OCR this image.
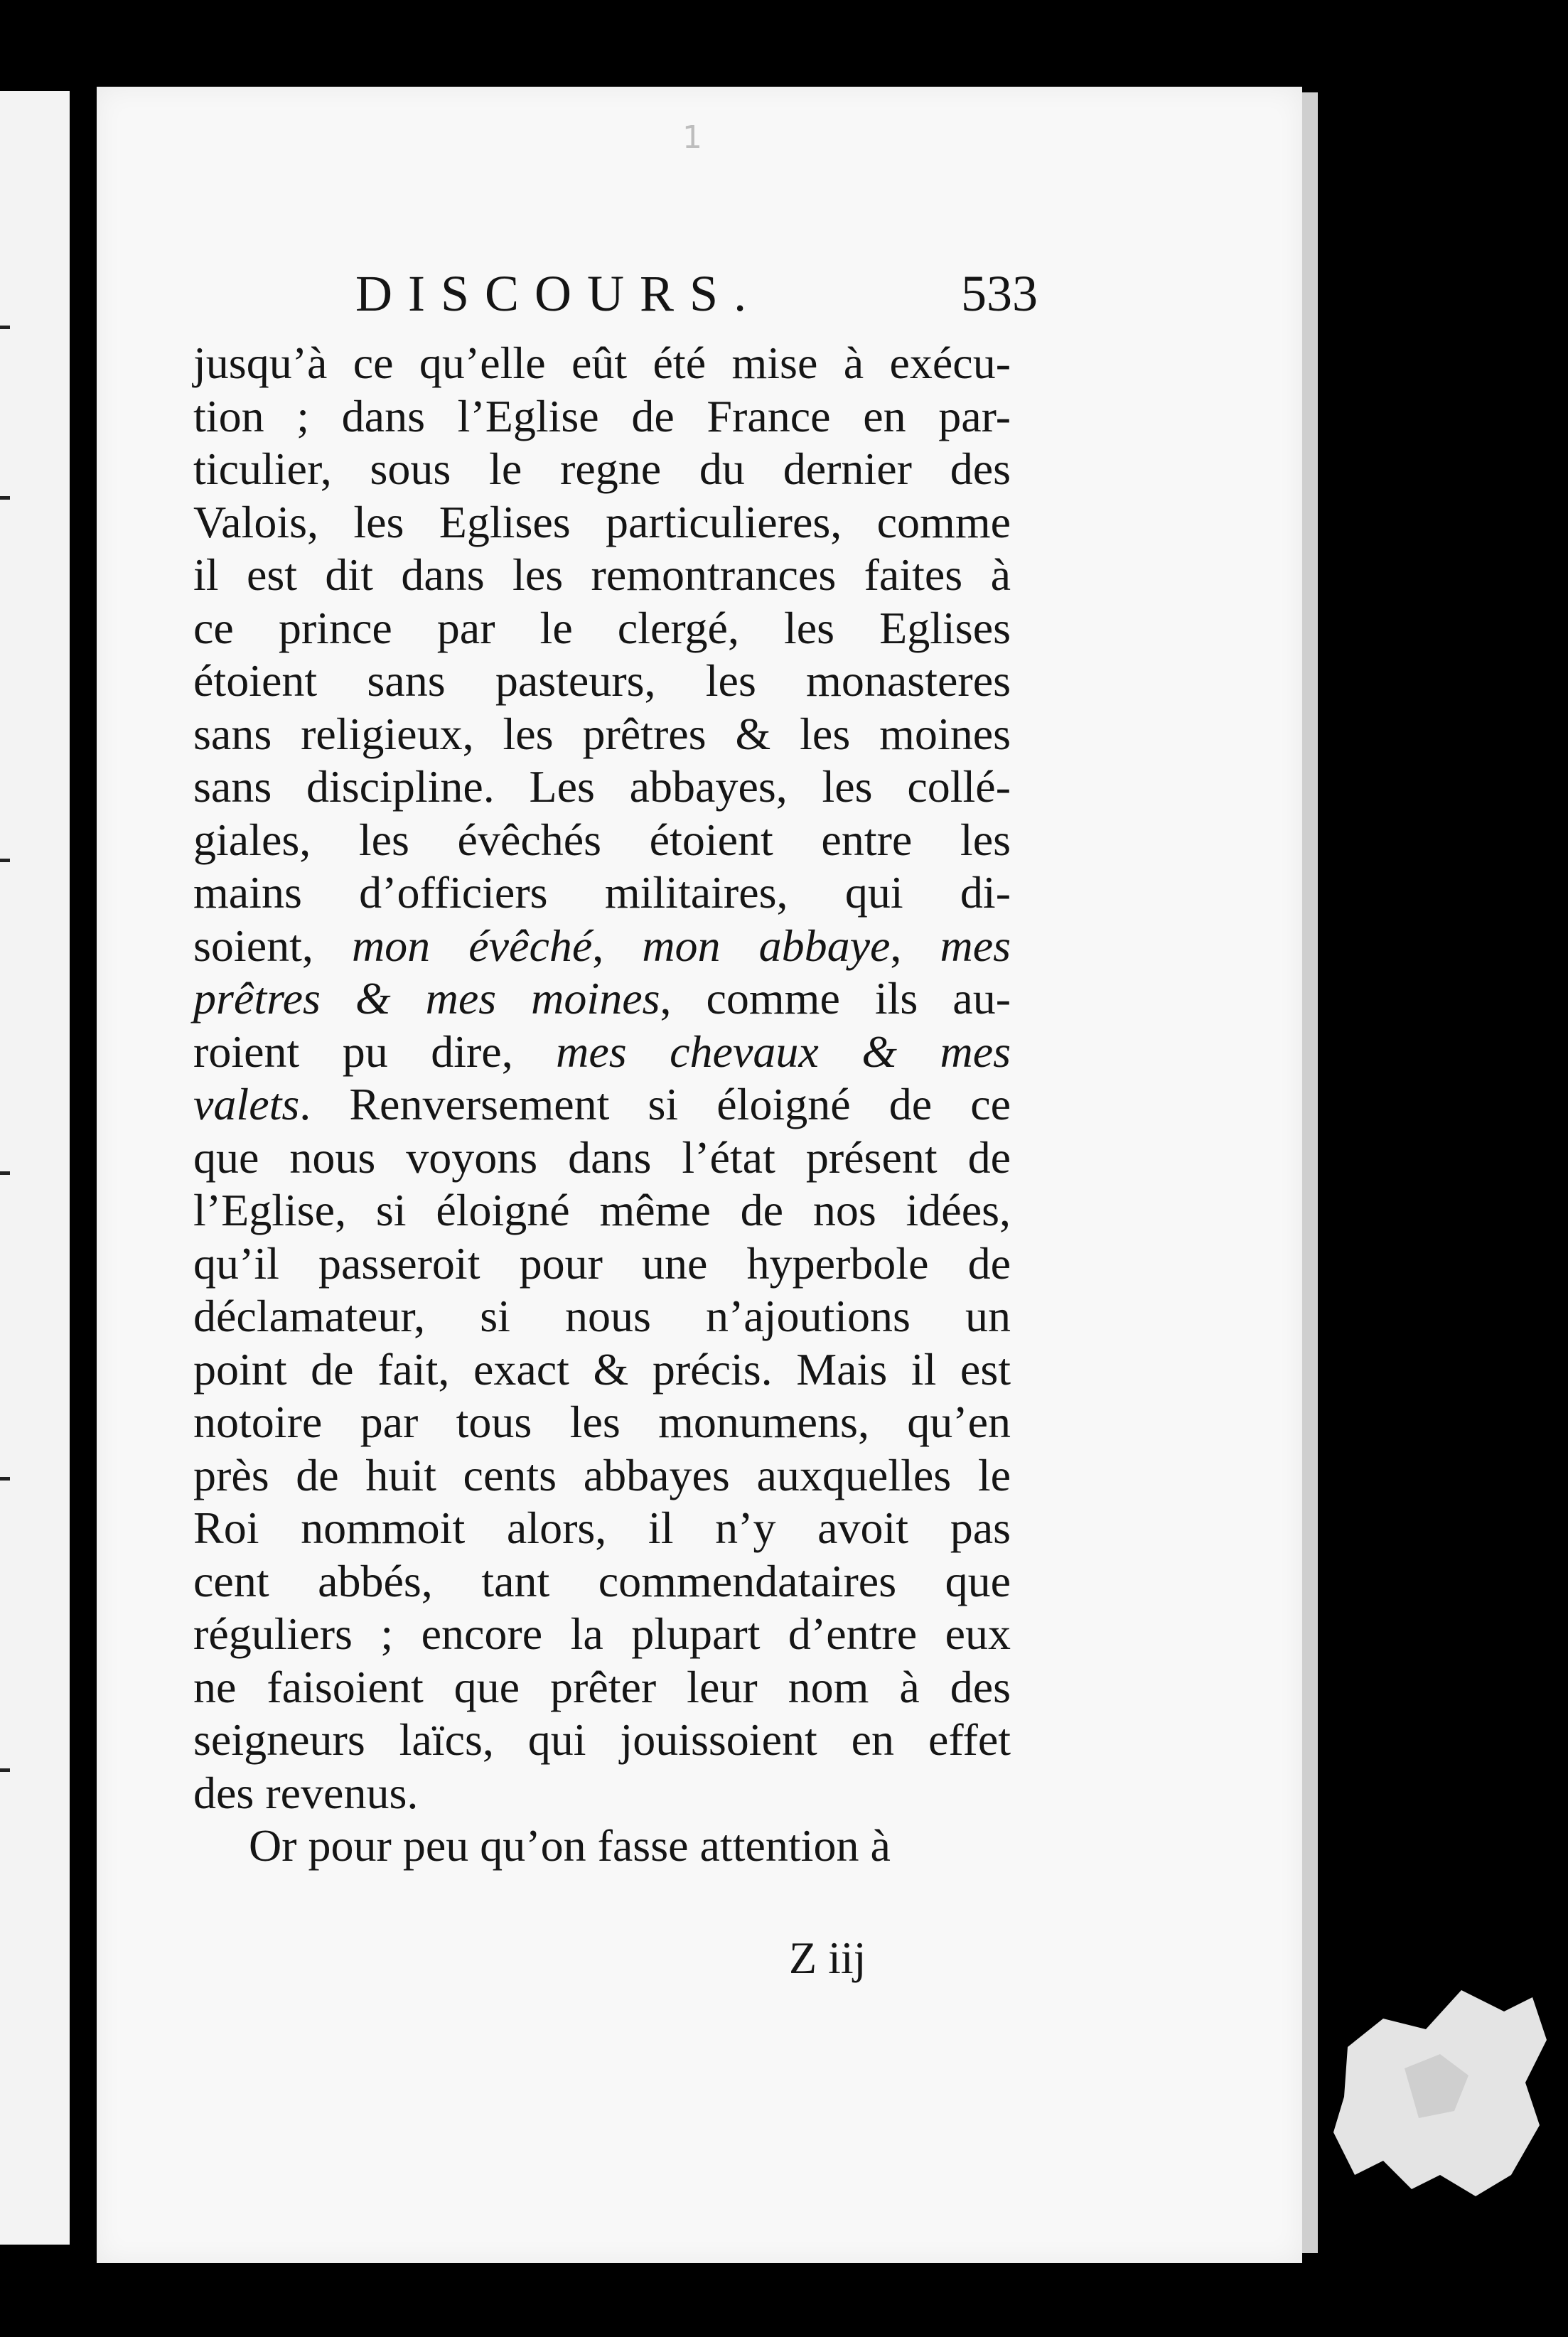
1
DISCOURS.	533
jusqu’à ce qu’elle eût été mise à exécu-
tion ; dans l’Eglise de France en par-
ticulier, sous le regne du dernier des
Valois, les Eglises particulieres, comme
il est dit dans les remontrances faites à
ce prince par le clergé, les Eglises
étoient sans pasteurs, les monasteres
sans religieux, les prêtres & les moines
sans discipline. Les abbayes, les collé-
giales, les évêchés étoient entre les
mains d’officiers militaires, qui di-
soient, mon évêché, mon abbaye, mes
prêtres & mes moines, comme ils au-
roient pu dire, mes chevaux & mes
valets. Renversement si éloigné de ce
que nous voyons dans l’état présent de
l’Eglise, si éloigné même de nos idées,
qu’il passeroit pour une hyperbole de
déclamateur, si nous n’ajoutions un
point de fait, exact & précis. Mais il est
notoire par tous les monumens, qu’en
près de huit cents abbayes auxquelles le
Roi nommoit alors, il n’y avoit pas
cent abbés, tant commendataires que
réguliers ; encore la plupart d’entre eux
ne faisoient que prêter leur nom à des
seigneurs laïcs, qui jouissoient en effet
des revenus.
Or pour peu qu’on fasse attention à
Z iij
